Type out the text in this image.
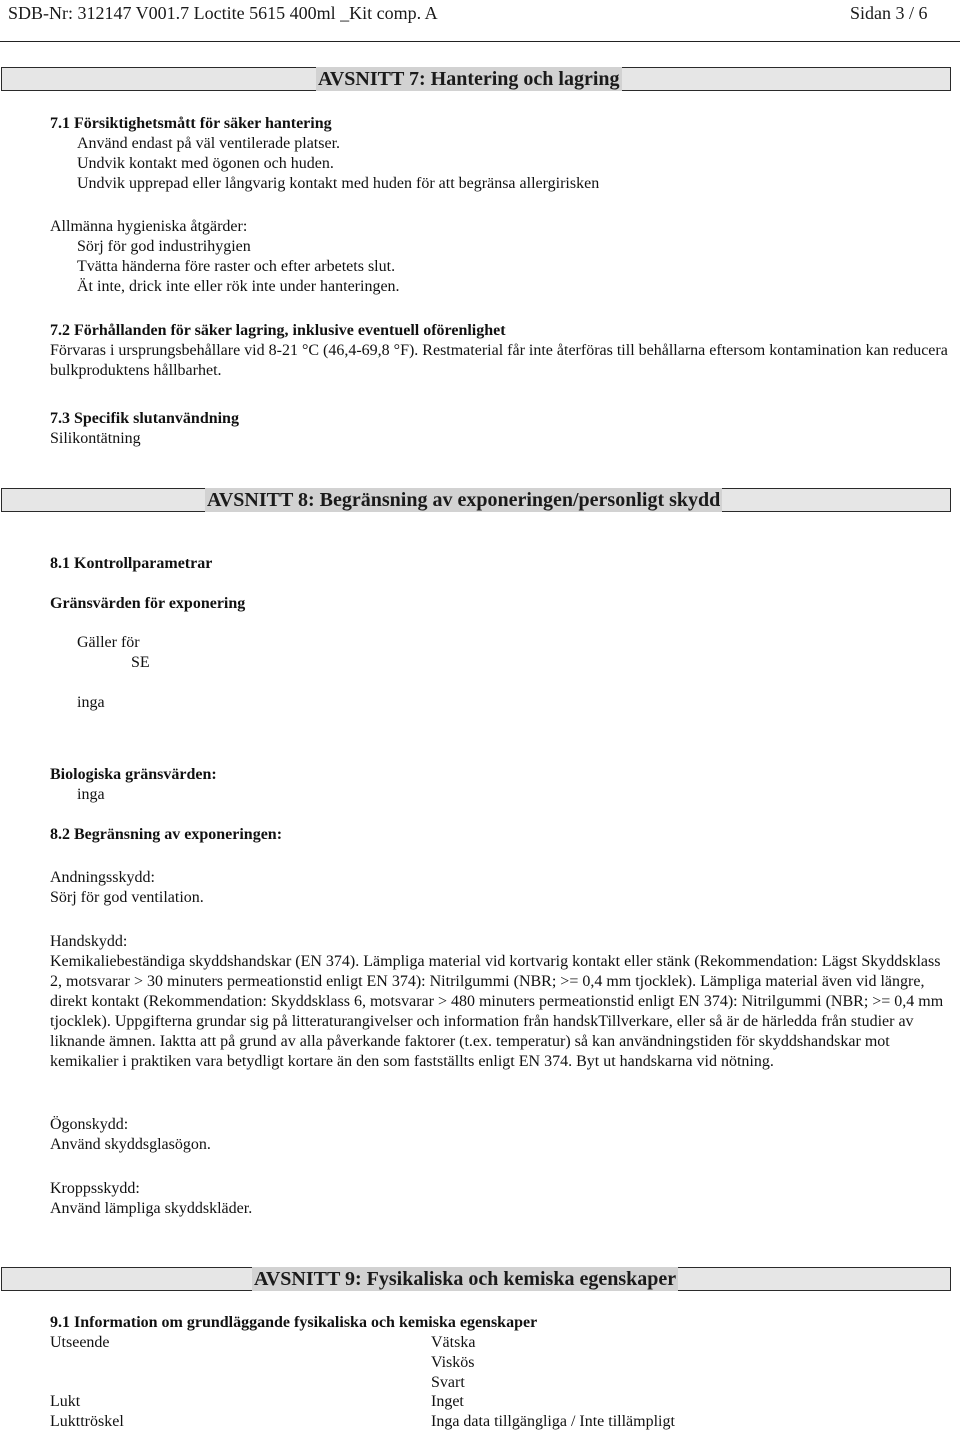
SDB-Nr: 312147 V001.7 Loctite 5615 400ml _Kit comp. A	Sidan 3 / 6
AVSNITT 7: Hantering och lagring
7.1 Försiktighetsmått för säker hantering
Använd endast på väl ventilerade platser.
Undvik kontakt med ögonen och huden.
Undvik upprepad eller långvarig kontakt med huden för att begränsa allergirisken
Allmänna hygieniska åtgärder:
Sörj för god industrihygien
Tvätta händerna före raster och efter arbetets slut.
Ät inte, drick inte eller rök inte under hanteringen.
7.2 Förhållanden för säker lagring, inklusive eventuell oförenlighet
Förvaras i ursprungsbehållare vid 8-21 °C (46,4-69,8 °F). Restmaterial får inte återföras till behållarna eftersom kontamination kan reducera bulkproduktens hållbarhet.
7.3 Specifik slutanvändning
Silikontätning
AVSNITT 8: Begränsning av exponeringen/personligt skydd
8.1 Kontrollparametrar
Gränsvärden för exponering
Gäller för
SE
inga
Biologiska gränsvärden:
inga
8.2 Begränsning av exponeringen:
Andningsskydd:
Sörj för god ventilation.
Handskydd:
Kemikaliebeständiga skyddshandskar (EN 374). Lämpliga material vid kortvarig kontakt eller stänk (Rekommendation: Lägst Skyddsklass 2, motsvarar > 30 minuters permeationstid enligt EN 374): Nitrilgummi (NBR; >= 0,4 mm tjocklek). Lämpliga material även vid längre, direkt kontakt (Rekommendation: Skyddsklass 6, motsvarar > 480 minuters permeationstid enligt EN 374): Nitrilgummi (NBR; >= 0,4 mm tjocklek). Uppgifterna grundar sig på litteraturangivelser och information från handskTillverkare, eller så är de härledda från studier av liknande ämnen. Iaktta att på grund av alla påverkande faktorer (t.ex. temperatur) så kan användningstiden för skyddshandskar mot kemikalier i praktiken vara betydligt kortare än den som fastställts enligt EN 374. Byt ut handskarna vid nötning.
Ögonskydd:
Använd skyddsglasögon.
Kroppsskydd:
Använd lämpliga skyddskläder.
AVSNITT 9: Fysikaliska och kemiska egenskaper
9.1 Information om grundläggande fysikaliska och kemiska egenskaper
Utseende	Vätska
Viskös
Svart
Lukt	Inget
Lukttröskel	Inga data tillgängliga / Inte tillämpligt
